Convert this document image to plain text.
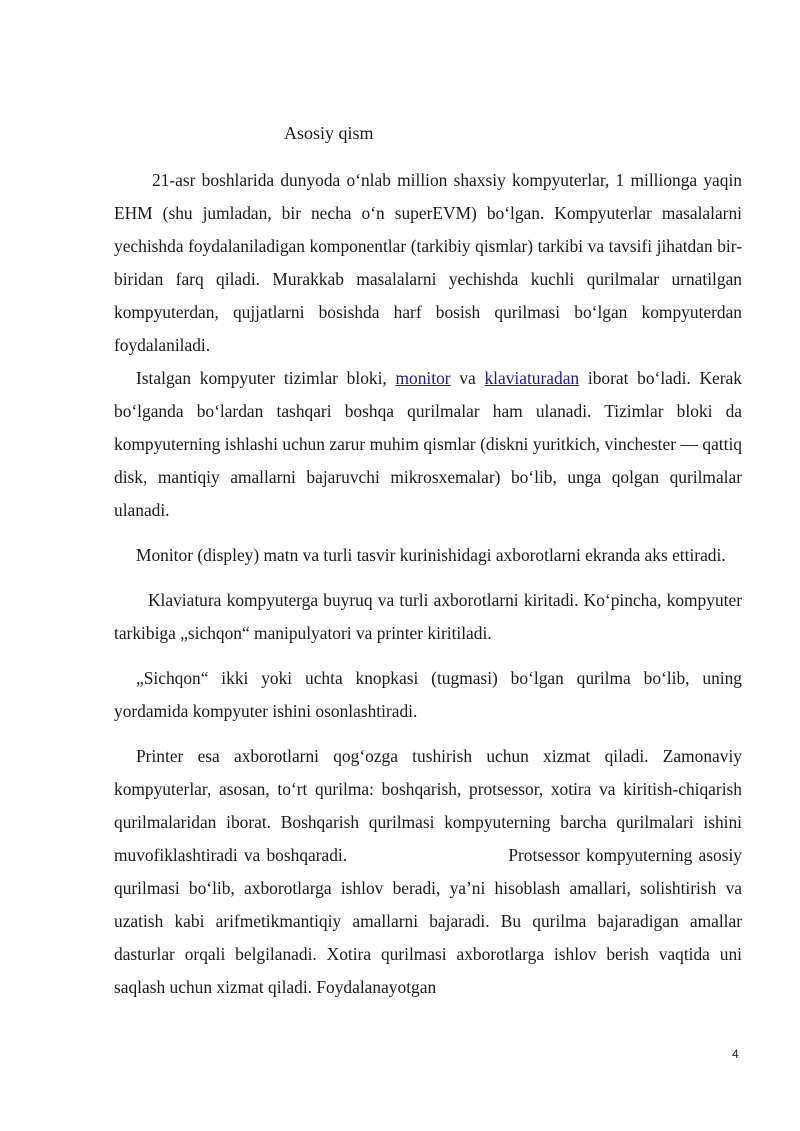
Asosiy qism

21-asr boshlarida dunyoda oʻnlab million shaxsiy kompyuterlar, 1 millionga yaqin EHM (shu jumladan, bir necha oʻn superEVM) boʻlgan. Kompyuterlar masalalarni yechishda foydalaniladigan komponentlar (tarkibiy qismlar) tarkibi va tavsifi jihatdan bir-biridan farq qiladi. Murakkab masalalarni yechishda kuchli qurilmalar urnatilgan kompyuterdan, qujjatlarni bosishda harf bosish qurilmasi boʻlgan kompyuterdan foydalaniladi.

Istalgan kompyuter tizimlar bloki, monitor va klaviaturadan iborat boʻladi. Kerak boʻlganda boʻlardan tashqari boshqa qurilmalar ham ulanadi. Tizimlar bloki da kompyuterning ishlashi uchun zarur muhim qismlar (diskni yuritkich, vinchester — qattiq disk, mantiqiy amallarni bajaruvchi mikrosxemalar) boʻlib, unga qolgan qurilmalar ulanadi.

Monitor (displey) matn va turli tasvir kurinishidagi axborotlarni ekranda aks ettiradi.

Klaviatura kompyuterga buyruq va turli axborotlarni kiritadi. Koʻpincha, kompyuter tarkibiga „sichqon“ manipulyatori va printer kiritiladi.

„Sichqon“ ikki yoki uchta knopkasi (tugmasi) boʻlgan qurilma boʻlib, uning yordamida kompyuter ishini osonlashtiradi.

Printer esa axborotlarni qogʻozga tushirish uchun xizmat qiladi. Zamonaviy kompyuterlar, asosan, toʻrt qurilma: boshqarish, protsessor, xotira va kiritish-chiqarish qurilmalaridan iborat. Boshqarish qurilmasi kompyuterning barcha qurilmalari ishini muvofiklashtiradi va boshqaradi.                          Protsessor kompyuterning asosiy qurilmasi boʻlib, axborotlarga ishlov beradi, yaʼni hisoblash amallari, solishtirish va uzatish kabi arifmetikmantiqiy amallarni bajaradi. Bu qurilma bajaradigan amallar dasturlar orqali belgilanadi. Xotira qurilmasi axborotlarga ishlov berish vaqtida uni saqlash uchun xizmat qiladi. Foydalanayotgan

4
